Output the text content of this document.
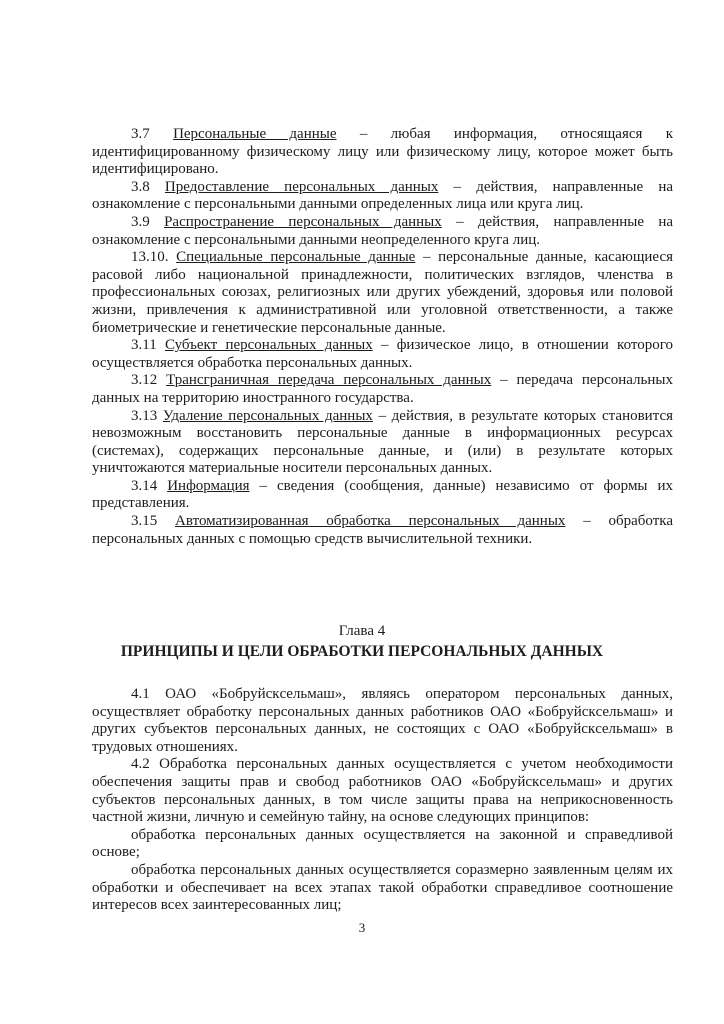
3.7 Персональные данные – любая информация, относящаяся к идентифицированному физическому лицу или физическому лицу, которое может быть идентифицировано.

3.8 Предоставление персональных данных – действия, направленные на ознакомление с персональными данными определенных лица или круга лиц.

3.9 Распространение персональных данных – действия, направленные на ознакомление с персональными данными неопределенного круга лиц.

13.10. Специальные персональные данные – персональные данные, касающиеся расовой либо национальной принадлежности, политических взглядов, членства в профессиональных союзах, религиозных или других убеждений, здоровья или половой жизни, привлечения к административной или уголовной ответственности, а также биометрические и генетические персональные данные.

3.11 Субъект персональных данных – физическое лицо, в отношении которого осуществляется обработка персональных данных.

3.12 Трансграничная передача персональных данных – передача персональных данных на территорию иностранного государства.

3.13 Удаление персональных данных – действия, в результате которых становится невозможным восстановить персональные данные в информационных ресурсах (системах), содержащих персональные данные, и (или) в результате которых уничтожаются материальные носители персональных данных.

3.14 Информация – сведения (сообщения, данные) независимо от формы их представления.

3.15 Автоматизированная обработка персональных данных – обработка персональных данных с помощью средств вычислительной техники.

Глава 4
ПРИНЦИПЫ И ЦЕЛИ ОБРАБОТКИ ПЕРСОНАЛЬНЫХ ДАННЫХ

4.1 ОАО «Бобруйскcельмаш», являясь оператором персональных данных, осуществляет обработку персональных данных работников ОАО «Бобруйскcельмаш» и других субъектов персональных данных, не состоящих с ОАО «Бобруйскcельмаш» в трудовых отношениях.

4.2 Обработка персональных данных осуществляется с учетом необходимости обеспечения защиты прав и свобод работников ОАО «Бобруйскcельмаш» и других субъектов персональных данных, в том числе защиты права на неприкосновенность частной жизни, личную и семейную тайну, на основе следующих принципов:

обработка персональных данных осуществляется на законной и справедливой основе;

обработка персональных данных осуществляется соразмерно заявленным целям их обработки и обеспечивает на всех этапах такой обработки справедливое соотношение интересов всех заинтересованных лиц;

3
